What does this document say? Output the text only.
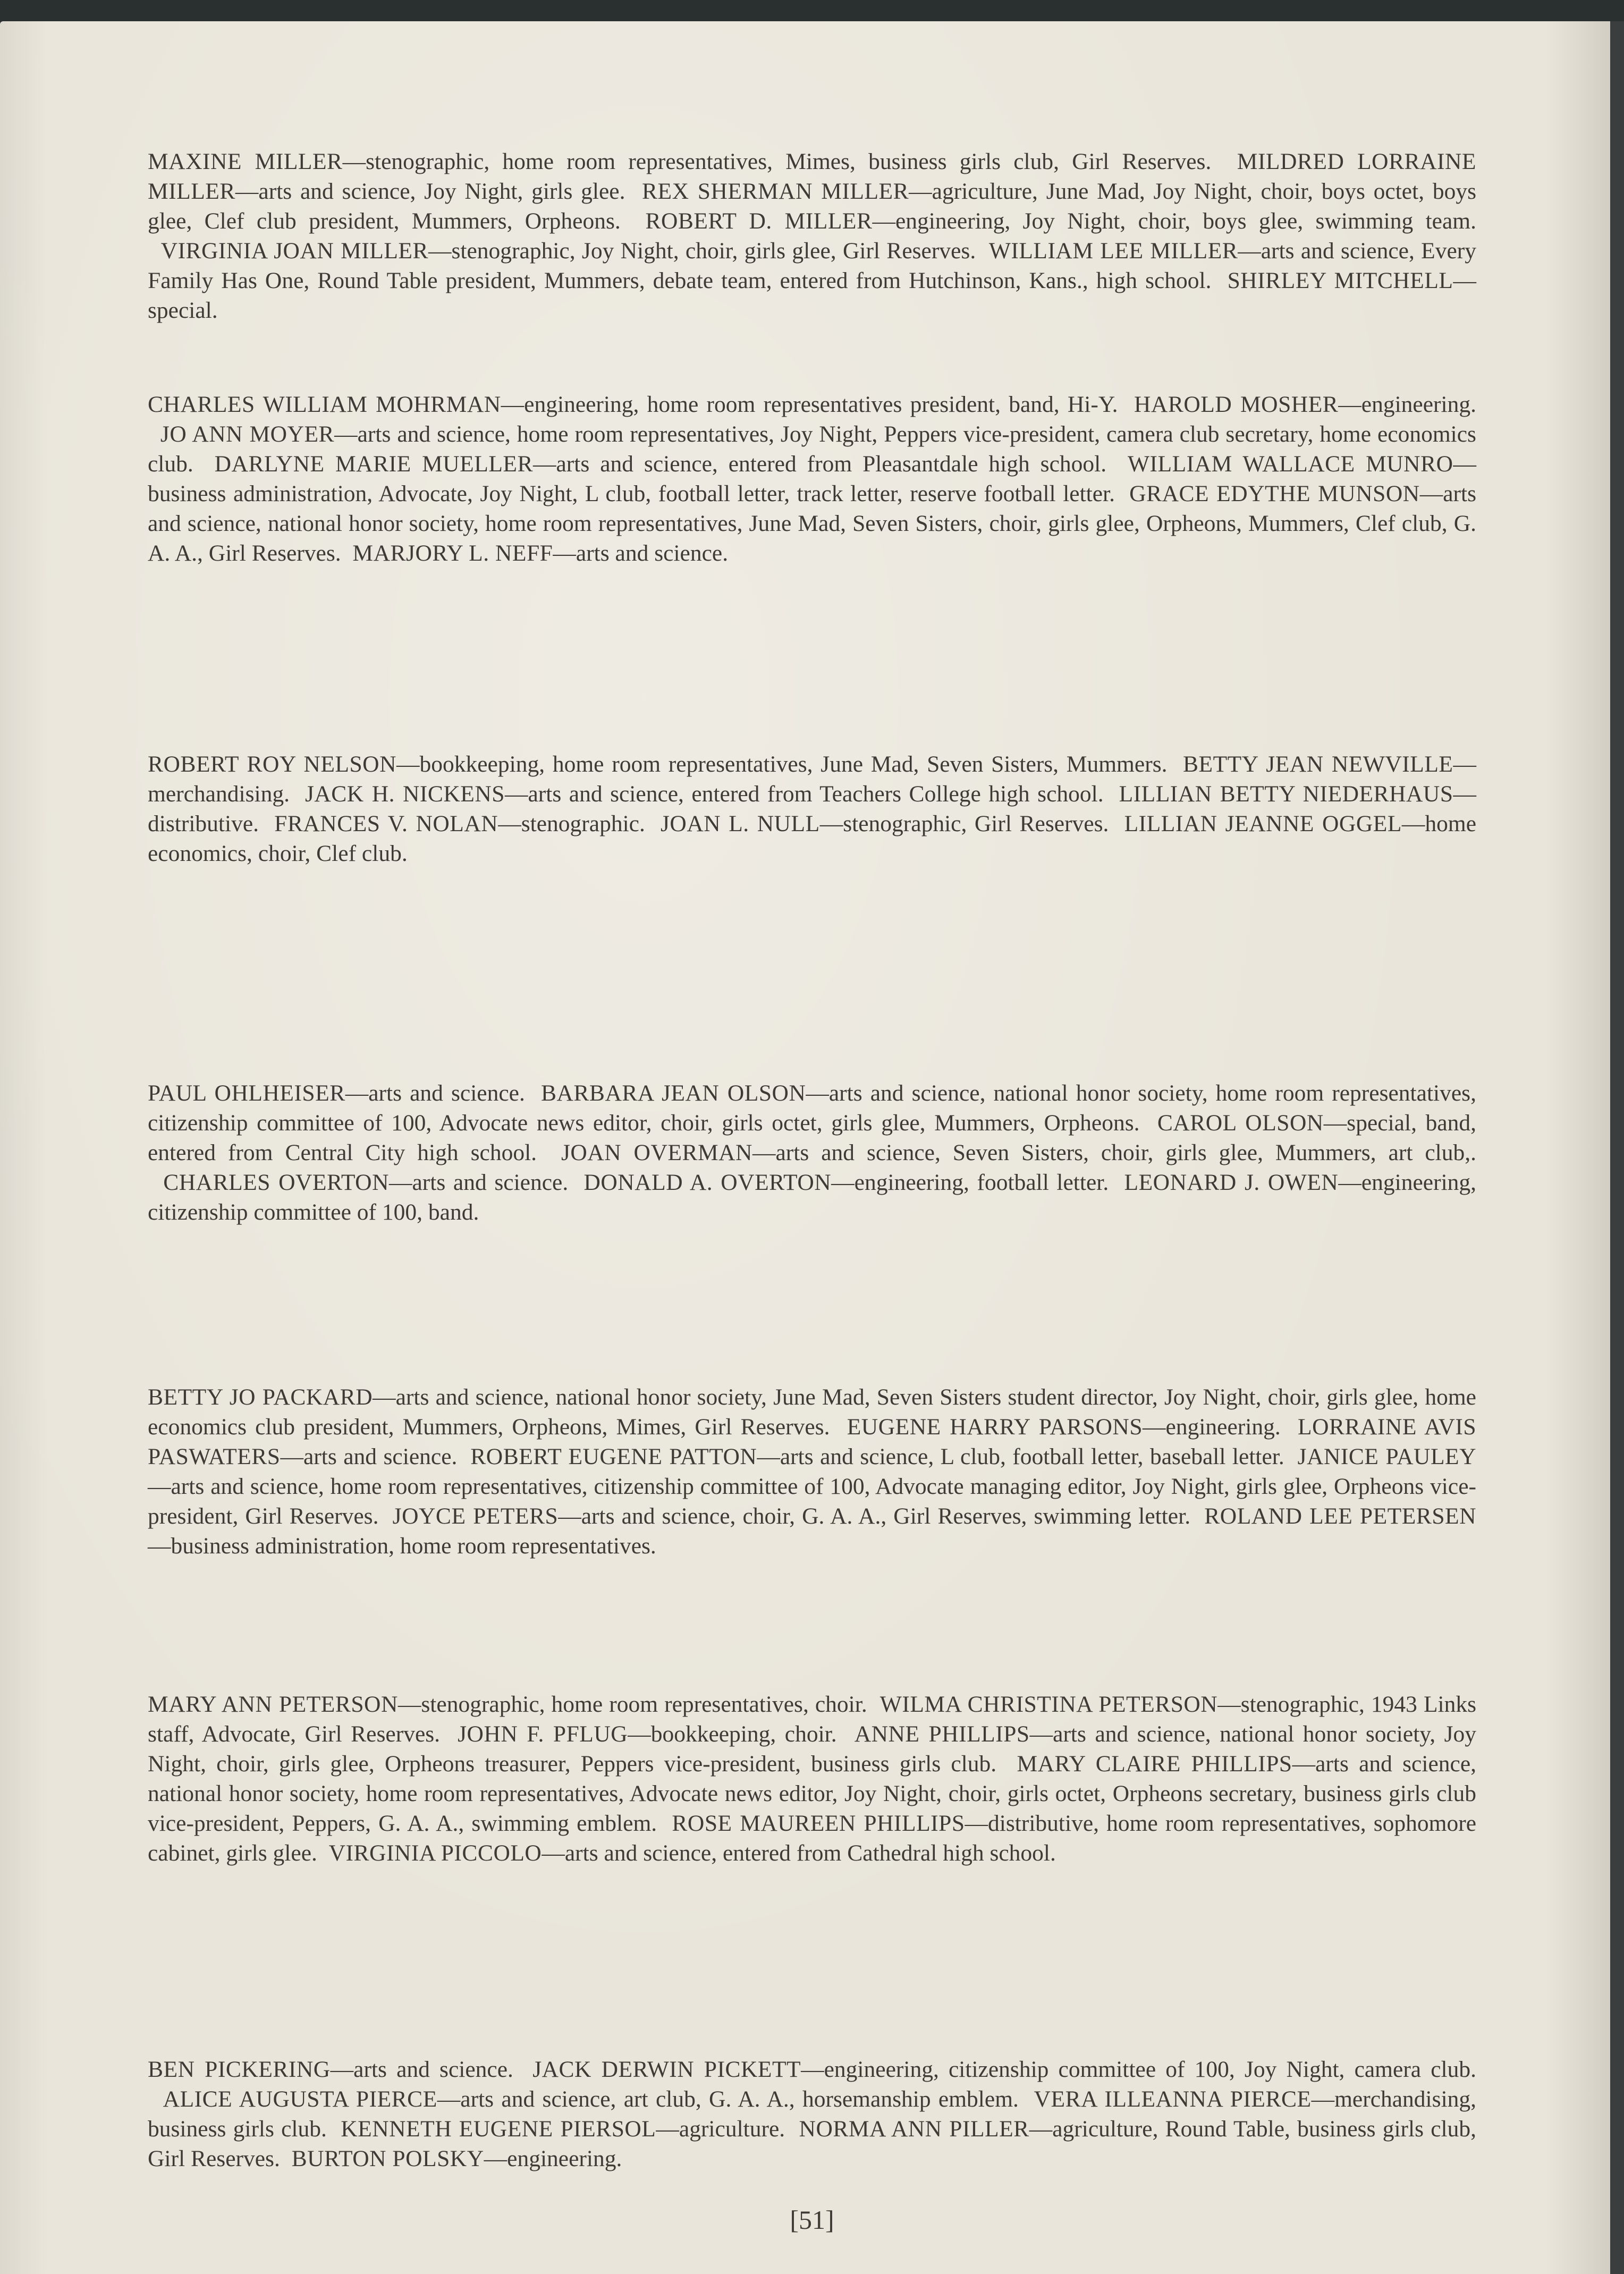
MAXINE MILLER—stenographic, home room representatives, Mimes, business girls club, Girl Reserves. MILDRED LORRAINE MILLER—arts and science, Joy Night, girls glee. REX SHERMAN MILLER—agriculture, June Mad, Joy Night, choir, boys octet, boys glee, Clef club president, Mummers, Orpheons. ROBERT D. MILLER—engineering, Joy Night, choir, boys glee, swimming team.VIRGINIA JOAN MILLER—stenographic, Joy Night, choir, girls glee, Girl Reserves. WILLIAM LEE MILLER—arts and science, Every Family Has One, Round Table president, Mummers, debate team, entered from Hutchinson, Kans., high school. SHIRLEY MITCHELL—special.

CHARLES WILLIAM MOHRMAN—engineering, home room representatives president, band, Hi-Y. HAROLD MOSHER—engineering.JO ANN MOYER—arts and science, home room representatives, Joy Night, Peppers vice-president, camera club secretary, home economics club. DARLYNE MARIE MUELLER—arts and science, entered from Pleasantdale high school. WILLIAM WALLACE MUNRO—business administration, Advocate, Joy Night, L club, football letter, track letter, reserve football letter. GRACE EDYTHE MUNSON—arts and science, national honor society, home room representatives, June Mad, Seven Sisters, choir, girls glee, Orpheons, Mummers, Clef club, G. A. A., Girl Reserves. MARJORY L. NEFF—arts and science.

ROBERT ROY NELSON—bookkeeping, home room representatives, June Mad, Seven Sisters, Mummers. BETTY JEAN NEWVILLE—merchandising. JACK H. NICKENS—arts and science, entered from Teachers College high school. LILLIAN BETTY NIEDERHAUS—distributive. FRANCES V. NOLAN—stenographic. JOAN L. NULL—stenographic, Girl Reserves. LILLIAN JEANNE OGGEL—home economics, choir, Clef club.

PAUL OHLHEISER—arts and science. BARBARA JEAN OLSON—arts and science, national honor society, home room representatives, citizenship committee of 100, Advocate news editor, choir, girls octet, girls glee, Mummers, Orpheons. CAROL OLSON—special, band, entered from Central City high school. JOAN OVERMAN—arts and science, Seven Sisters, choir, girls glee, Mummers, art club,.CHARLES OVERTON—arts and science. DONALD A. OVERTON—engineering, football letter. LEONARD J. OWEN—engineering, citizenship committee of 100, band.

BETTY JO PACKARD—arts and science, national honor society, June Mad, Seven Sisters student director, Joy Night, choir, girls glee, home economics club president, Mummers, Orpheons, Mimes, Girl Reserves. EUGENE HARRY PARSONS—engineering. LORRAINE AVIS PASWATERS—arts and science. ROBERT EUGENE PATTON—arts and science, L club, football letter, baseball letter. JANICE PAULEY—arts and science, home room representatives, citizenship committee of 100, Advocate managing editor, Joy Night, girls glee, Orpheons vice-president, Girl Reserves. JOYCE PETERS—arts and science, choir, G. A. A., Girl Reserves, swimming letter. ROLAND LEE PETERSEN—business administration, home room representatives.

MARY ANN PETERSON—stenographic, home room representatives, choir. WILMA CHRISTINA PETERSON—stenographic, 1943 Links staff, Advocate, Girl Reserves. JOHN F. PFLUG—bookkeeping, choir. ANNE PHILLIPS—arts and science, national honor society, Joy Night, choir, girls glee, Orpheons treasurer, Peppers vice-president, business girls club. MARY CLAIRE PHILLIPS—arts and science, national honor society, home room representatives, Advocate news editor, Joy Night, choir, girls octet, Orpheons secretary, business girls club vice-president, Peppers, G. A. A., swimming emblem. ROSE MAUREEN PHILLIPS—distributive, home room representatives, sophomore cabinet, girls glee. VIRGINIA PICCOLO—arts and science, entered from Cathedral high school.

BEN PICKERING—arts and science. JACK DERWIN PICKETT—engineering, citizenship committee of 100, Joy Night, camera club.ALICE AUGUSTA PIERCE—arts and science, art club, G. A. A., horsemanship emblem. VERA ILLEANNA PIERCE—merchandising, business girls club. KENNETH EUGENE PIERSOL—agriculture. NORMA ANN PILLER—agriculture, Round Table, business girls club, Girl Reserves. BURTON POLSKY—engineering.

[51]
